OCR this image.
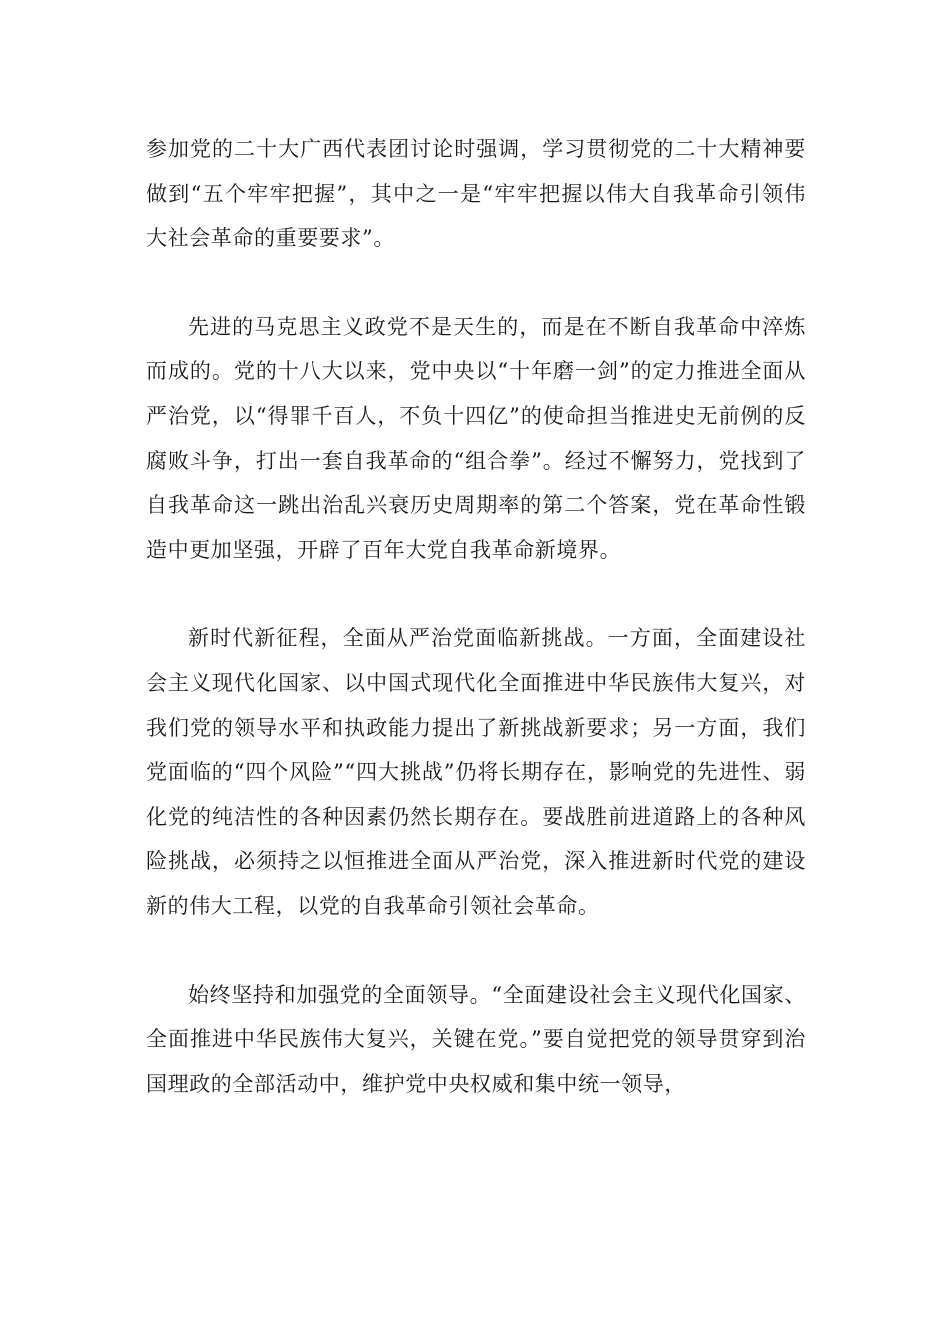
参加党的二十大广西代表团讨论时强调，学习贯彻党的二十大精神要做到“五个牢牢把握”，其中之一是“牢牢把握以伟大自我革命引领伟大社会革命的重要要求”。

先进的马克思主义政党不是天生的，而是在不断自我革命中淬炼而成的。党的十八大以来，党中央以“十年磨一剑”的定力推进全面从严治党，以“得罪千百人，不负十四亿”的使命担当推进史无前例的反腐败斗争，打出一套自我革命的“组合拳”。经过不懈努力，党找到了自我革命这一跳出治乱兴衰历史周期率的第二个答案，党在革命性锻造中更加坚强，开辟了百年大党自我革命新境界。

新时代新征程，全面从严治党面临新挑战。一方面，全面建设社会主义现代化国家、以中国式现代化全面推进中华民族伟大复兴，对我们党的领导水平和执政能力提出了新挑战新要求；另一方面，我们党面临的“四个风险”“四大挑战”仍将长期存在，影响党的先进性、弱化党的纯洁性的各种因素仍然长期存在。要战胜前进道路上的各种风险挑战，必须持之以恒推进全面从严治党，深入推进新时代党的建设新的伟大工程，以党的自我革命引领社会革命。

始终坚持和加强党的全面领导。“全面建设社会主义现代化国家、全面推进中华民族伟大复兴，关键在党。”要自觉把党的领导贯穿到治国理政的全部活动中，维护党中央权威和集中统一领导，
